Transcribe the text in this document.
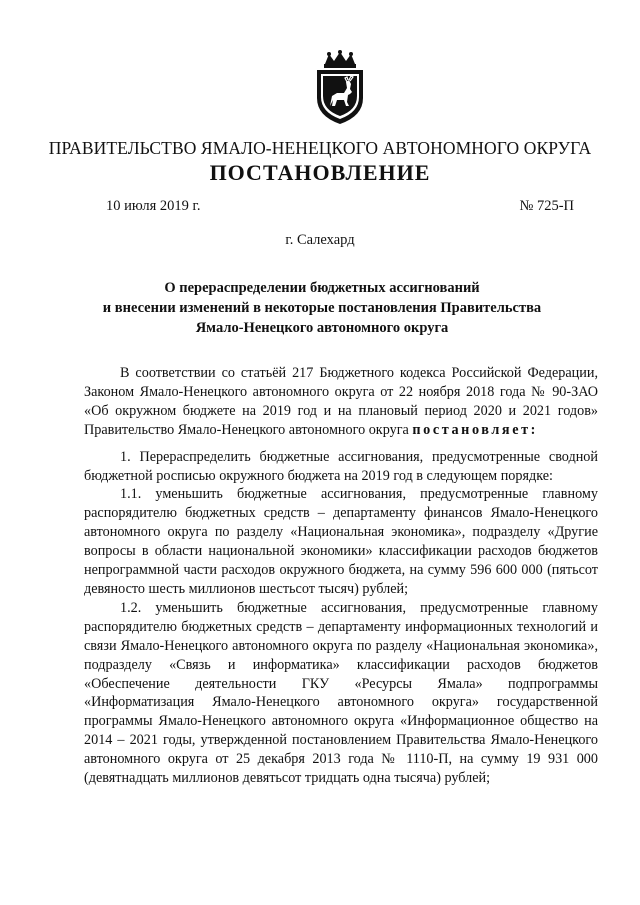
ПРАВИТЕЛЬСТВО ЯМАЛО-НЕНЕЦКОГО АВТОНОМНОГО ОКРУГА
ПОСТАНОВЛЕНИЕ
10 июля 2019 г.	№ 725-П
г. Салехард
О перераспределении бюджетных ассигнований
и внесении изменений в некоторые постановления Правительства
Ямало-Ненецкого автономного округа

В соответствии со статьёй 217 Бюджетного кодекса Российской Федерации, Законом Ямало-Ненецкого автономного округа от 22 ноября 2018 года № 90-ЗАО «Об окружном бюджете на 2019 год и на плановый период 2020 и 2021 годов» Правительство Ямало-Ненецкого автономного округа постановляет:

1. Перераспределить бюджетные ассигнования, предусмотренные сводной бюджетной росписью окружного бюджета на 2019 год в следующем порядке:

1.1. уменьшить бюджетные ассигнования, предусмотренные главному распорядителю бюджетных средств – департаменту финансов Ямало-Ненецкого автономного округа по разделу «Национальная экономика», подразделу «Другие вопросы в области национальной экономики» классификации расходов бюджетов непрограммной части расходов окружного бюджета, на сумму 596 600 000 (пятьсот девяносто шесть миллионов шестьсот тысяч) рублей;

1.2. уменьшить бюджетные ассигнования, предусмотренные главному распорядителю бюджетных средств – департаменту информационных технологий и связи Ямало-Ненецкого автономного округа по разделу «Национальная экономика», подразделу «Связь и информатика» классификации расходов бюджетов «Обеспечение деятельности ГКУ «Ресурсы Ямала» подпрограммы «Информатизация Ямало-Ненецкого автономного округа» государственной программы Ямало-Ненецкого автономного округа «Информационное общество на 2014 – 2021 годы, утвержденной постановлением Правительства Ямало-Ненецкого автономного округа от 25 декабря 2013 года № 1110-П, на сумму 19 931 000 (девятнадцать миллионов девятьсот тридцать одна тысяча) рублей;
